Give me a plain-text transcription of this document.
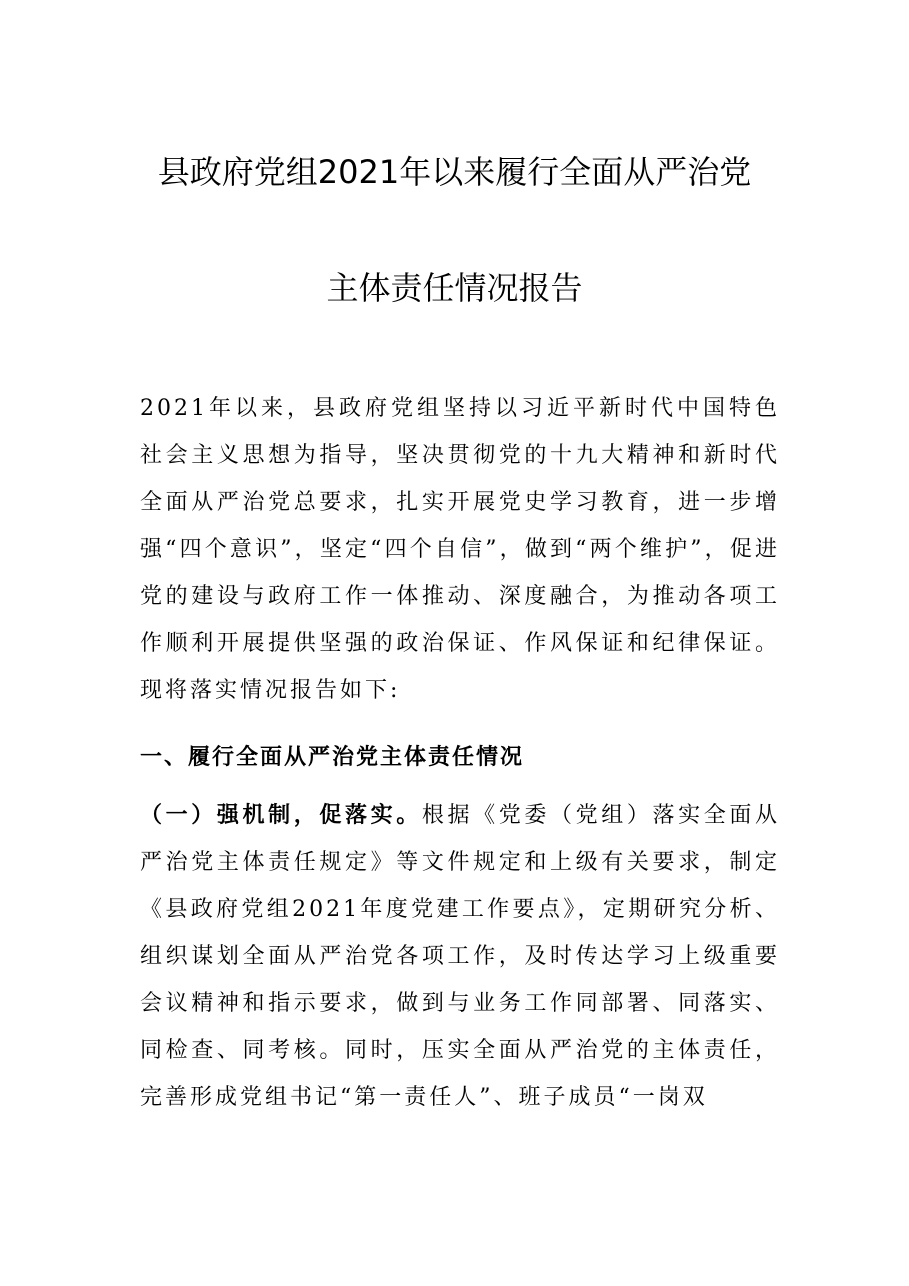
县政府党组2021年以来履行全面从严治党
主体责任情况报告

2021年以来，县政府党组坚持以习近平新时代中国特色社会主义思想为指导，坚决贯彻党的十九大精神和新时代全面从严治党总要求，扎实开展党史学习教育，进一步增强“四个意识”，坚定“四个自信”，做到“两个维护”，促进党的建设与政府工作一体推动、深度融合，为推动各项工作顺利开展提供坚强的政治保证、作风保证和纪律保证。现将落实情况报告如下:

一、履行全面从严治党主体责任情况

（一）强机制，促落实。根据《党委（党组）落实全面从严治党主体责任规定》等文件规定和上级有关要求，制定《县政府党组2021年度党建工作要点》，定期研究分析、组织谋划全面从严治党各项工作，及时传达学习上级重要会议精神和指示要求，做到与业务工作同部署、同落实、同检查、同考核。同时，压实全面从严治党的主体责任，完善形成党组书记“第一责任人”、班子成员“一岗双
